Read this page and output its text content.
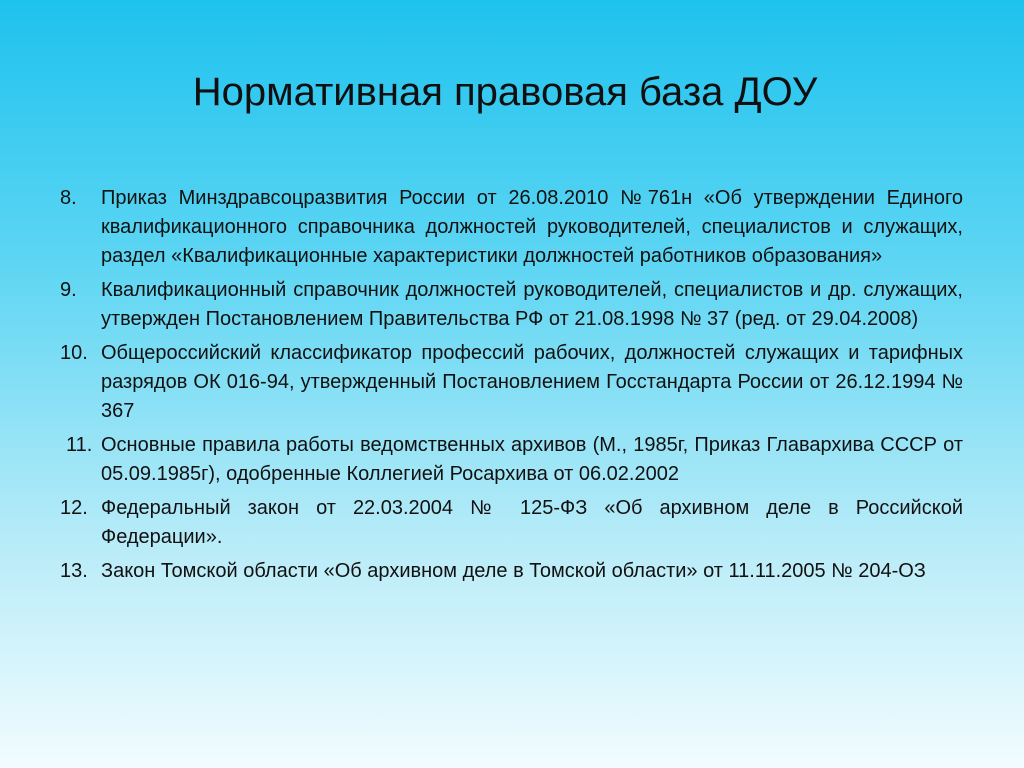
Нормативная правовая база ДОУ
8. Приказ Минздравсоцразвития России от 26.08.2010 №761н «Об утверждении Единого квалификационного справочника должностей руководителей, специалистов и служащих, раздел «Квалификационные характеристики должностей работников образования»
9. Квалификационный справочник должностей руководителей, специалистов и др. служащих, утвержден Постановлением Правительства РФ от 21.08.1998 № 37 (ред. от 29.04.2008)
10. Общероссийский классификатор профессий рабочих, должностей служащих и тарифных разрядов ОК 016-94, утвержденный Постановлением Госстандарта России от 26.12.1994 № 367
11. Основные правила работы ведомственных архивов (М., 1985г, Приказ Главархива СССР от 05.09.1985г), одобренные Коллегией Росархива от 06.02.2002
12. Федеральный закон от 22.03.2004 № 125-ФЗ «Об архивном деле в Российской Федерации».
13. Закон Томской области «Об архивном деле в Томской области» от 11.11.2005 № 204-ОЗ
